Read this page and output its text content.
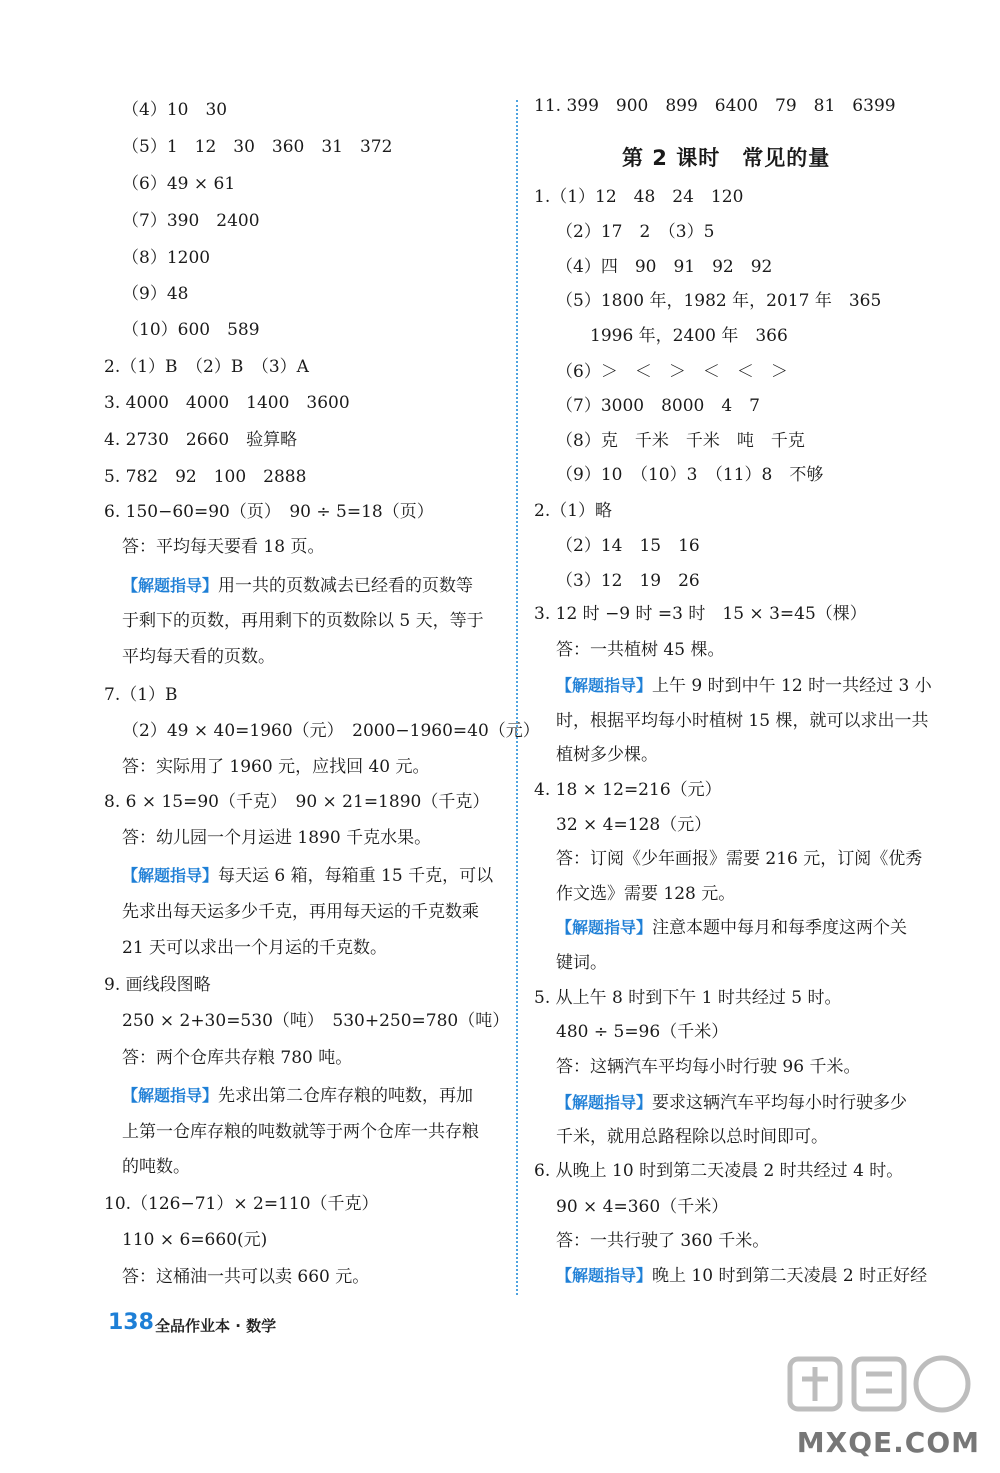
（4）10　30
（5）1　12　30　360　31　372
（6）49 × 61
（7）390　2400
（8）1200
（9）48
（10）600　589
2.（1）B　（2）B　（3）A
3. 4000　4000　1400　3600
4. 2730　2660　验算略
5. 782　92　100　2888
6. 150−60=90（页）　90 ÷ 5=18（页）
答：平均每天要看 18 页。
【解题指导】用一共的页数减去已经看的页数等
于剩下的页数，再用剩下的页数除以 5 天，等于
平均每天看的页数。
7.（1）B
（2）49 × 40=1960（元）　2000−1960=40（元）
答：实际用了 1960 元，应找回 40 元。
8. 6 × 15=90（千克）　90 × 21=1890（千克）
答：幼儿园一个月运进 1890 千克水果。
【解题指导】每天运 6 箱，每箱重 15 千克，可以
先求出每天运多少千克，再用每天运的千克数乘
21 天可以求出一个月运的千克数。
9. 画线段图略
250 × 2+30=530（吨）　530+250=780（吨）
答：两个仓库共存粮 780 吨。
【解题指导】先求出第二仓库存粮的吨数，再加
上第一仓库存粮的吨数就等于两个仓库一共存粮
的吨数。
10.（126−71）× 2=110（千克）
110 × 6=660(元)
答：这桶油一共可以卖 660 元。
11. 399　900　899　6400　79　81　6399
1.（1）12　48　24　120
（2）17　2　（3）5
（4）四　90　91　92　92
（5）1800 年，1982 年，2017 年　365
1996 年，2400 年　366
（6）＞　＜　＞　＜　＜　＞
（7）3000　8000　4　7
（8）克　千米　千米　吨　千克
（9）10　（10）3　（11）8　不够
2.（1）略
（2）14　15　16
（3）12　19　26
3. 12 时 −9 时 =3 时　15 × 3=45（棵）
答：一共植树 45 棵。
【解题指导】上午 9 时到中午 12 时一共经过 3 小
时，根据平均每小时植树 15 棵，就可以求出一共
植树多少棵。
4. 18 × 12=216（元）
32 × 4=128（元）
答：订阅《少年画报》需要 216 元，订阅《优秀
作文选》需要 128 元。
【解题指导】注意本题中每月和每季度这两个关
键词。
5. 从上午 8 时到下午 1 时共经过 5 时。
480 ÷ 5=96（千米）
答：这辆汽车平均每小时行驶 96 千米。
【解题指导】要求这辆汽车平均每小时行驶多少
千米，就用总路程除以总时间即可。
6. 从晚上 10 时到第二天凌晨 2 时共经过 4 时。
90 × 4=360（千米）
答：一共行驶了 360 千米。
【解题指导】晚上 10 时到第二天凌晨 2 时正好经
第 2 课时　常见的量
138 全品作业本 · 数学
MXQE.COM
